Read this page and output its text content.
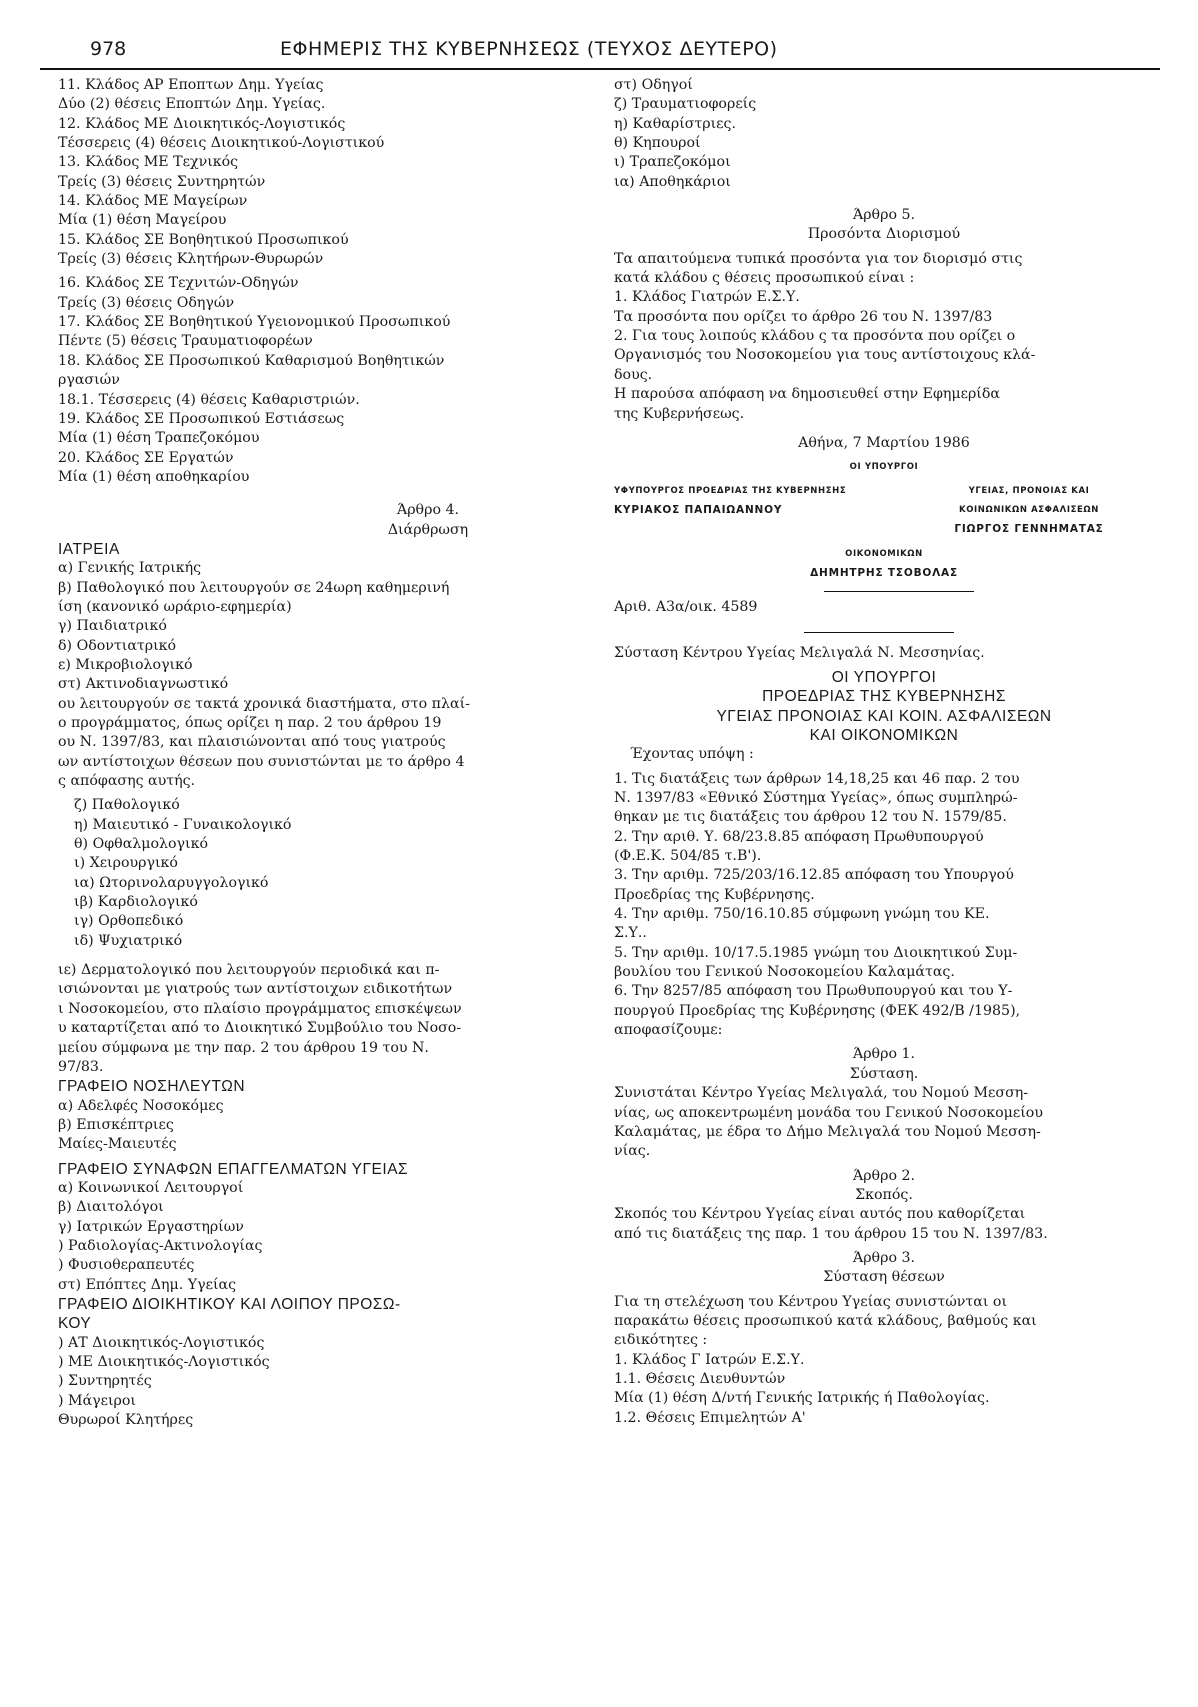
978	ΕΦΗΜΕΡΙΣ ΤΗΣ ΚΥΒΕΡΝΗΣΕΩΣ (ΤΕΥΧΟΣ ΔΕΥΤΕΡΟ)

11. Κλάδος ΑΡ Εποπτων Δημ. Υγείας

Δύο (2) θέσεις Εποπτών Δημ. Υγείας.

12. Κλάδος ΜΕ Διοικητικός-Λογιστικός

Τέσσερεις (4) θέσεις Διοικητικού-Λογιστικού

13. Κλάδος ΜΕ Τεχνικός

Τρείς (3) θέσεις Συντηρητών

14. Κλάδος ΜΕ Μαγείρων

Μία (1) θέση Μαγείρου

15. Κλάδος ΣΕ Βοηθητικού Προσωπικού

Τρείς (3) θέσεις Κλητήρων-Θυρωρών

16. Κλάδος ΣΕ Τεχνιτών-Οδηγών

Τρείς (3) θέσεις Οδηγών

17. Κλάδος ΣΕ Βοηθητικού Υγειονομικού Προσωπικού

Πέντε (5) θέσεις Τραυματιοφορέων

18. Κλάδος ΣΕ Προσωπικού Καθαρισμού Βοηθητικών

ργασιών

18.1. Τέσσερεις (4) θέσεις Καθαριστριών.

19. Κλάδος ΣΕ Προσωπικού Εστιάσεως

Μία (1) θέση Τραπεζοκόμου

20. Κλάδος ΣΕ Εργατών

Μία (1) θέση αποθηκαρίου

Άρθρο 4.

Διάρθρωση

ΙΑΤΡΕΙΑ

α) Γενικής Ιατρικής

β) Παθολογικό που λειτουργούν σε 24ωρη καθημερινή

ίση (κανονικό ωράριο-εφημερία)

γ) Παιδιατρικό

δ) Οδοντιατρικό

ε) Μικροβιολογικό

στ) Ακτινοδιαγνωστικό

ου λειτουργούν σε τακτά χρονικά διαστήματα, στο πλαί-

ο προγράμματος, όπως ορίζει η παρ. 2 του άρθρου 19

ου Ν. 1397/83, και πλαισιώνονται από τους γιατρούς

ων αντίστοιχων θέσεων που συνιστώνται με το άρθρο 4

ς απόφασης αυτής.

ζ) Παθολογικό

η) Μαιευτικό - Γυναικολογικό

θ) Οφθαλμολογικό

ι) Χειρουργικό

ια) Ωτορινολαρυγγολογικό

ιβ) Καρδιολογικό

ιγ) Ορθοπεδικό

ιδ) Ψυχιατρικό

ιε) Δερματολογικό που λειτουργούν περιοδικά και π-

ισιώνονται με γιατρούς των αντίστοιχων ειδικοτήτων

ι Νοσοκομείου, στο πλαίσιο προγράμματος επισκέψεων

υ καταρτίζεται από το Διοικητικό Συμβούλιο του Νοσο-

μείου σύμφωνα με την παρ. 2 του άρθρου 19 του Ν.

97/83.

ΓΡΑΦΕΙΟ ΝΟΣΗΛΕΥΤΩΝ

α) Αδελφές Νοσοκόμες

β) Επισκέπτριες

Μαίες-Μαιευτές

ΓΡΑΦΕΙΟ ΣΥΝΑΦΩΝ ΕΠΑΓΓΕΛΜΑΤΩΝ ΥΓΕΙΑΣ

α) Κοινωνικοί Λειτουργοί

β) Διαιτολόγοι

γ) Ιατρικών Εργαστηρίων

) Ραδιολογίας-Ακτινολογίας

) Φυσιοθεραπευτές

στ) Επόπτες Δημ. Υγείας

ΓΡΑΦΕΙΟ ΔΙΟΙΚΗΤΙΚΟΥ ΚΑΙ ΛΟΙΠΟΥ ΠΡΟΣΩ-

ΚΟΥ

) ΑΤ Διοικητικός-Λογιστικός

) ΜΕ Διοικητικός-Λογιστικός

) Συντηρητές

) Μάγειροι

Θυρωροί Κλητήρες

στ) Οδηγοί

ζ) Τραυματιοφορείς

η) Καθαρίστριες.

θ) Κηπουροί

ι) Τραπεζοκόμοι

ια) Αποθηκάριοι

Άρθρο 5.

Προσόντα Διορισμού

Τα απαιτούμενα τυπικά προσόντα για τον διορισμό στις

κατά κλάδου ς θέσεις προσωπικού είναι :

1. Κλάδος Γιατρών Ε.Σ.Υ.

Τα προσόντα που ορίζει το άρθρο 26 του Ν. 1397/83

2. Για τους λοιπούς κλάδου ς τα προσόντα που ορίζει ο

Οργανισμός του Νοσοκομείου για τους αντίστοιχους κλά-

δους.

Η παρούσα απόφαση να δημοσιευθεί στην Εφημερίδα

της Κυβερνήσεως.

Αθήνα, 7 Μαρτίου 1986

ΟΙ ΥΠΟΥΡΓΟΙ

ΥΦΥΠΟΥΡΓΟΣ ΠΡΟΕΔΡΙΑΣ ΤΗΣ ΚΥΒΕΡΝΗΣΗΣ

ΚΥΡΙΑΚΟΣ ΠΑΠΑΙΩΑΝΝΟΥ

ΥΓΕΙΑΣ, ΠΡΟΝΟΙΑΣ ΚΑΙ

ΚΟΙΝΩΝΙΚΩΝ ΑΣΦΑΛΙΣΕΩΝ

ΓΙΩΡΓΟΣ ΓΕΝΝΗΜΑΤΑΣ

ΟΙΚΟΝΟΜΙΚΩΝ

ΔΗΜΗΤΡΗΣ ΤΣΟΒΟΛΑΣ

Αριθ. Α3α/οικ. 4589

Σύσταση Κέντρου Υγείας Μελιγαλά Ν. Μεσσηνίας.

ΟΙ ΥΠΟΥΡΓΟΙ

ΠΡΟΕΔΡΙΑΣ ΤΗΣ ΚΥΒΕΡΝΗΣΗΣ

ΥΓΕΙΑΣ ΠΡΟΝΟΙΑΣ ΚΑΙ ΚΟΙΝ. ΑΣΦΑΛΙΣΕΩΝ

ΚΑΙ ΟΙΚΟΝΟΜΙΚΩΝ

Έχοντας υπόψη :

1. Τις διατάξεις των άρθρων 14,18,25 και 46 παρ. 2 του

Ν. 1397/83 «Εθνικό Σύστημα Υγείας», όπως συμπληρώ-

θηκαν με τις διατάξεις του άρθρου 12 του Ν. 1579/85.

2. Την αριθ. Υ. 68/23.8.85 απόφαση Πρωθυπουργού

(Φ.Ε.Κ. 504/85 τ.Β').

3. Την αριθμ. 725/203/16.12.85 απόφαση του Υπουργού

Προεδρίας της Κυβέρνησης.

4. Την αριθμ. 750/16.10.85 σύμφωνη γνώμη του ΚΕ.

Σ.Υ..

5. Την αριθμ. 10/17.5.1985 γνώμη του Διοικητικού Συμ-

βουλίου του Γενικού Νοσοκομείου Καλαμάτας.

6. Την 8257/85 απόφαση του Πρωθυπουργού και του Υ-

πουργού Προεδρίας της Κυβέρνησης (ΦΕΚ 492/Β /1985),

αποφασίζουμε:

Άρθρο 1.

Σύσταση.

Συνιστάται Κέντρο Υγείας Μελιγαλά, του Νομού Μεσση-

νίας, ως αποκεντρωμένη μονάδα του Γενικού Νοσοκομείου

Καλαμάτας, με έδρα το Δήμο Μελιγαλά του Νομού Μεσση-

νίας.

Άρθρο 2.

Σκοπός.

Σκοπός του Κέντρου Υγείας είναι αυτός που καθορίζεται

από τις διατάξεις της παρ. 1 του άρθρου 15 του Ν. 1397/83.

Άρθρο 3.

Σύσταση θέσεων

Για τη στελέχωση του Κέντρου Υγείας συνιστώνται οι

παρακάτω θέσεις προσωπικού κατά κλάδους, βαθμούς και

ειδικότητες :

1. Κλάδος Γ Ιατρών Ε.Σ.Υ.

1.1. Θέσεις Διευθυντών

Μία (1) θέση Δ/ντή Γενικής Ιατρικής ή Παθολογίας.

1.2. Θέσεις Επιμελητών Α'
